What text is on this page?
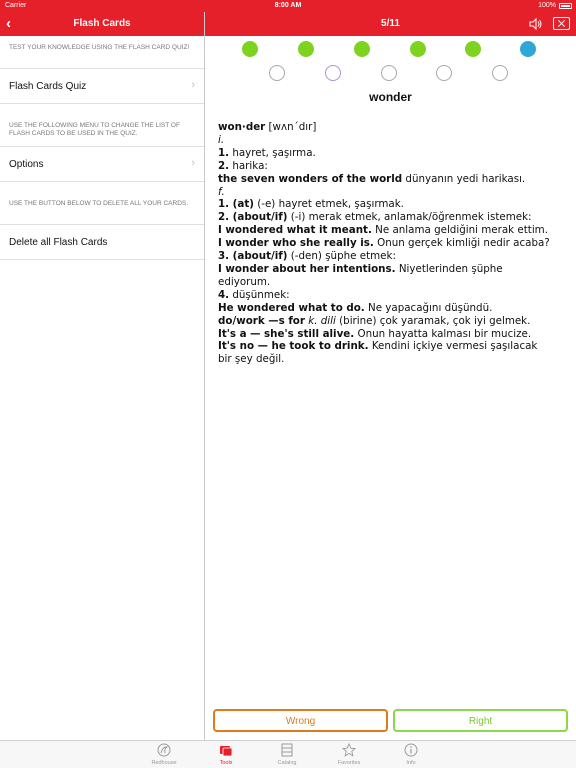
Carrier	8:00 AM	100%
‹	Flash Cards	5/11
TEST YOUR KNOWLEDGE USING THE FLASH CARD QUIZ!
Flash Cards Quiz	›
USE THE FOLLOWING MENU TO CHANGE THE LIST OF FLASH CARDS TO BE USED IN THE QUIZ.
Options	›
USE THE BUTTON BELOW TO DELETE ALL YOUR CARDS.
Delete all Flash Cards
wonder
won·der [wʌn´dır]
i.
1. hayret, şaşırma.
2. harika:
the seven wonders of the world dünyanın yedi harikası.
f.
1. (at) (-e) hayret etmek, şaşırmak.
2. (about/if) (-i) merak etmek, anlamak/öğrenmek istemek:
I wondered what it meant. Ne anlama geldiğini merak ettim.
I wonder who she really is. Onun gerçek kimliği nedir acaba?
3. (about/if) (-den) şüphe etmek:
I wonder about her intentions. Niyetlerinden şüphe
ediyorum.
4. düşünmek:
He wondered what to do. Ne yapacağını düşündü.
do/work —s for k. dili (birine) çok yaramak, çok iyi gelmek.
It's a — she's still alive. Onun hayatta kalması bir mucize.
It's no — he took to drink. Kendini içkiye vermesi şaşılacak
bir şey değil.
Wrong	Right
Redhouse	Tools	Catalog	Favorites	Info
